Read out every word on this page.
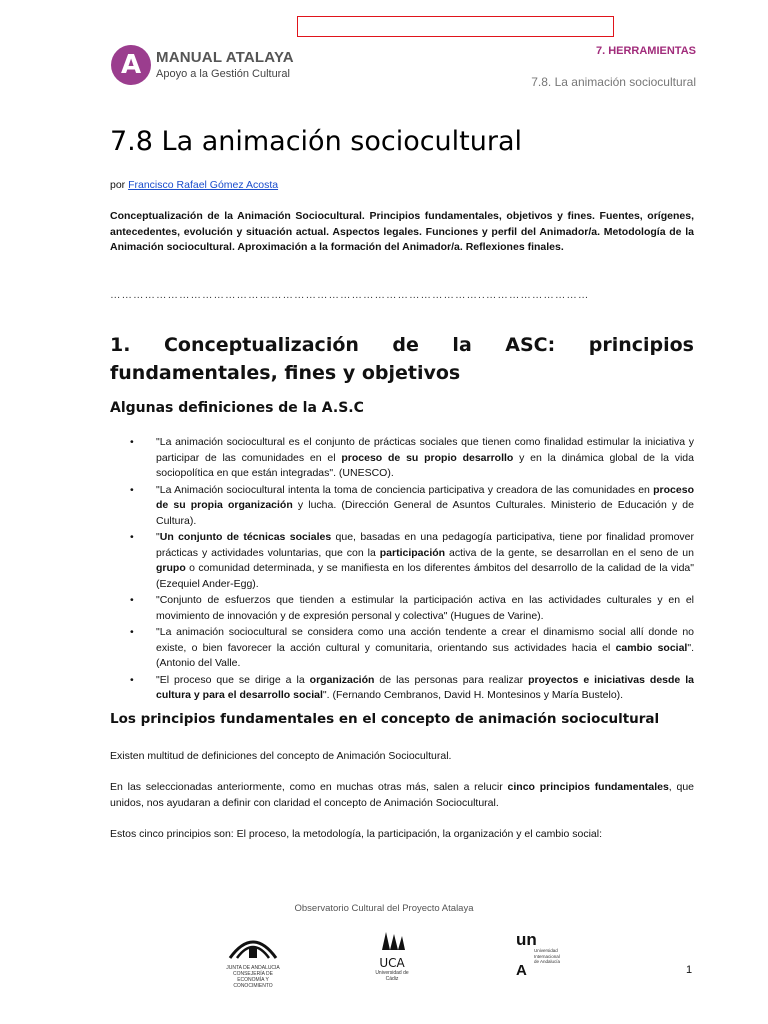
A MANUAL ATALAYA
Apoyo a la Gestión Cultural
7. HERRAMIENTAS
7.8. La animación sociocultural
7.8 La animación sociocultural
por Francisco Rafael Gómez Acosta
Conceptualización de la Animación Sociocultural. Principios fundamentales, objetivos y fines. Fuentes, orígenes, antecedentes, evolución y situación actual. Aspectos legales. Funciones y perfil del Animador/a. Metodología de la Animación sociocultural. Aproximación a la formación del Animador/a. Reflexiones finales.
……………………………………………………………………………………..………………………
1. Conceptualización de la ASC: principios fundamentales, fines y objetivos
Algunas definiciones de la A.S.C
• "La animación sociocultural es el conjunto de prácticas sociales que tienen como finalidad estimular la iniciativa y participar de las comunidades en el proceso de su propio desarrollo y en la dinámica global de la vida sociopolítica en que están integradas". (UNESCO).
• "La Animación sociocultural intenta la toma de conciencia participativa y creadora de las comunidades en proceso de su propia organización y lucha. (Dirección General de Asuntos Culturales. Ministerio de Educación y de Cultura).
• "Un conjunto de técnicas sociales que, basadas en una pedagogía participativa, tiene por finalidad promover prácticas y actividades voluntarias, que con la participación activa de la gente, se desarrollan en el seno de un grupo o comunidad determinada, y se manifiesta en los diferentes ámbitos del desarrollo de la calidad de la vida" (Ezequiel Ander-Egg).
• "Conjunto de esfuerzos que tienden a estimular la participación activa en las actividades culturales y en el movimiento de innovación y de expresión personal y colectiva" (Hugues de Varine).
• "La animación sociocultural se considera como una acción tendente a crear el dinamismo social allí donde no existe, o bien favorecer la acción cultural y comunitaria, orientando sus actividades hacia el cambio social". (Antonio del Valle.
• "El proceso que se dirige a la organización de las personas para realizar proyectos e iniciativas desde la cultura y para el desarrollo social". (Fernando Cembranos, David H. Montesinos y María Bustelo).
Los principios fundamentales en el concepto de animación sociocultural
Existen multitud de definiciones del concepto de Animación Sociocultural.
En las seleccionadas anteriormente, como en muchas otras más, salen a relucir cinco principios fundamentales, que unidos, nos ayudaran a definir con claridad el concepto de Animación Sociocultural.
Estos cinco principios son: El proceso, la metodología, la participación, la organización y el cambio social:
Observatorio Cultural del Proyecto Atalaya
JUNTA DE ANDALUCIA
CONSEJERÍA DE ECONOMÍA Y CONOCIMIENTO
UCA
Universidad de Cádiz
un
Universidad Internacional de Andalucía
A	1
